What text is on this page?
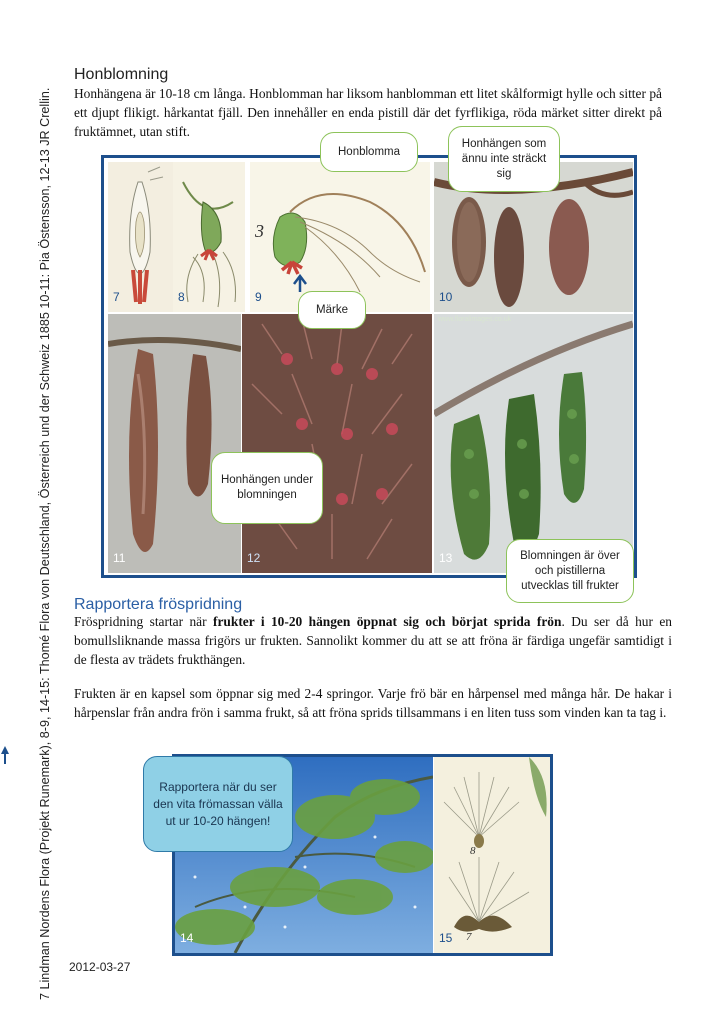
7 Lindman Nordens Flora (Projekt Runemark), 8-9, 14-15: Thomé Flora von Deutschland, Österreich und der Schweiz 1885 10-11: Pia Östensson, 12-13 JR Crellin.
Honblomning

Honhängena är 10-18 cm långa. Honblomman har liksom hanblomman ett litet skålformigt hylle och sitter på ett djupt flikigt. hårkantat fjäll. Den innehåller en enda pistill där det fyrflikiga, röda märket sitter direkt på fruktämnet, utan stift.

7	8
3
9	10
11	12
www.floralimages.co.uk
13
Honblomma
Honhängen som ännu inte sträckt sig
Märke
Honhängen under blomningen
Blomningen är över och pistillerna utvecklas till frukter
Rapportera fröspridning

Fröspridning startar när frukter i 10-20 hängen öppnat sig och börjat sprida frön. Du ser då hur en bomullsliknande massa frigörs ur frukten. Sannolikt kommer du att se att fröna är färdiga ungefär samtidigt i de flesta av trädets frukthängen.

Frukten är en kapsel som öppnar sig med 2-4 springor. Varje frö bär en hårpensel med många hår. De hakar i hårpenslar från andra frön i samma frukt, så att fröna sprids tillsammans i en liten tuss som vinden kan ta tag i.

14	15
8
7
Rapportera när du ser den vita frömassan välla ut ur 10-20 hängen!
2012-03-27
